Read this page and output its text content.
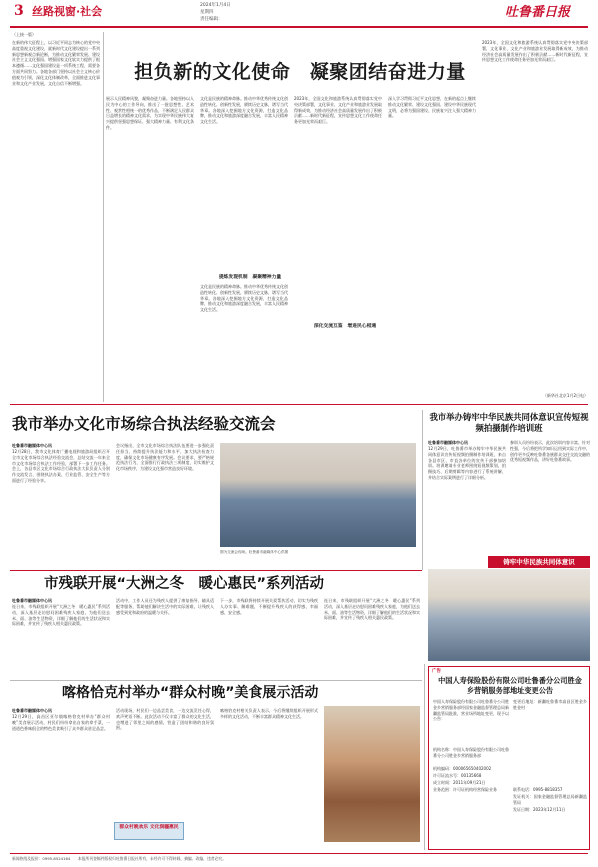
3 丝路视窗·社会	2024年1月4日
星期四
责任编辑：	吐鲁番日报
（上接一版）
担负新的文化使命　凝聚团结奋进力量
在新的伟大征程上，以习近平同志为核心的党中央高度重视文化建设，就新时代文化建设提出一系列新思想新观点新论断，为推动文化繁荣发展、建设社会主义文化强国、增强国家文化软实力提供了根本遵循……文化强国建设是一项系统工程，需要各方面共同努力。各地各部门坚持以社会主义核心价值观为引领，深化文化体制改革，全面推进文化事业和文化产业发展，文化自信不断增强。
展示人民精神风貌，凝聚奋进力量。各地坚持以人民为中心的工作导向，推出了一批思想性、艺术性、观赏性相统一的优秀作品，不断满足人民群众日益增长的精神文化需求，为实现中华民族伟大复兴提供坚强思想保证、强大精神力量、有利文化条件。
提炼发现机制　凝聚精神力量
文化是民族的精神命脉。推动中华优秀传统文化创造性转化、创新性发展，赓续历史文脉，谱写当代华章。各地深入挖掘地方文化资源，打造文化品牌，推动文化和旅游深度融合发展，丰富人民精神文化生活。
文化是民族的精神命脉。推动中华优秀传统文化创造性转化、创新性发展，赓续历史文脉，谱写当代华章。各地深入挖掘地方文化资源，打造文化品牌，推动文化和旅游深度融合发展，丰富人民精神文化生活。
2023年，全国文化和旅游系统认真贯彻落实党中央决策部署，文化事业、文化产业和旅游业发展取得新成效，为推动经济社会高质量发展作出了积极贡献……新时代新征程，宣传思想文化工作使命任务更加光荣而艰巨。
深化交流互鉴　增进民心相通
深入学习贯彻习近平文化思想，在新的起点上继续推动文化繁荣、建设文化强国、建设中华民族现代文明，必将为强国建设、民族复兴注入强大精神力量。
2023年，全国文化和旅游系统认真贯彻落实党中央决策部署，文化事业、文化产业和旅游业发展取得新成效，为推动经济社会高质量发展作出了积极贡献……新时代新征程，宣传思想文化工作使命任务更加光荣而艰巨。
（新华社北京1月2日电）
我市举办文化市场综合执法经验交流会
吐鲁番市融媒体中心讯
12月28日，我市文化体育广播电视和旅游局组织召开全市文化市场综合执法经验交流会，总结交流一年来全市文化市场综合执法工作经验，部署下一步工作任务。会上，各县市区文化市场综合行政执法大队负责人分别作交流发言，围绕执法办案、行业监管、安全生产等方面进行了经验分享。
会议指出，全市文化市场综合执法队伍要进一步强化责任担当，持续提升执法能力和水平，加大执法检查力度，确保文化市场健康有序发展。会议要求，要严格规范执法行为，全面推行行政执法三项制度，切实维护文化市场秩序，为建设文化强市营造良好环境。
图为交流会现场。吐鲁番市融媒体中心供图
我市举办铸牢中华民族共同体意识宣传短视频拍摄制作培训班
吐鲁番市融媒体中心讯
12月29日，吐鲁番市举办铸牢中华民族共同体意识宣传短视频拍摄制作培训班，来自各县市区、市直各单位的宣传干部参加培训。培训邀请专业老师围绕短视频策划、拍摄技巧、后期剪辑等内容进行了系统讲解，并结合实际案例进行了详细分析。
参训人员纷纷表示，此次培训内容丰富、针对性强，今后将把所学知识运用到实际工作中，创作更多反映吐鲁番各族群众交往交流交融的优秀短视频作品，讲好吐鲁番故事。
铸牢中华民族共同体意识
市残联开展“大洲之冬　暖心惠民”系列活动
吐鲁番市融媒体中心讯
连日来，市残联组织开展“大洲之冬　暖心惠民”系列活动，深入基层走访慰问困难残疾人家庭，为他们送去米、面、油等生活物资，详细了解他们的生活状况和实际困难，并宣传了残疾人相关惠民政策。
活动中，工作人员还为残疾人提供了康复指导、辅具适配等服务，帮助他们解决生活中的实际困难，让残疾人感受到党和政府的温暖与关怀。
下一步，市残联将持续开展关爱帮扶活动，切实为残疾人办实事、解难题，不断提升残疾人的获得感、幸福感、安全感。
连日来，市残联组织开展“大洲之冬　暖心惠民”系列活动，深入基层走访慰问困难残疾人家庭，为他们送去米、面、油等生活物资，详细了解他们的生活状况和实际困难，并宣传了残疾人相关惠民政策。
喀格恰克村举办“群众村晚”美食展示活动
吐鲁番市融媒体中心讯
12月29日，高昌区亚尔镇喀格恰克村举办“群众村晚”美食展示活动，村民们纷纷拿出自家的拿手菜，一道道色香味俱全的特色美食吸引了众多群众驻足品尝。
活动现场，村民们一边品尝美食，一边交流烹饪心得，欢声笑语不断。此次活动不仅丰富了群众的文化生活，也增进了邻里之间的感情，营造了团结和谐的良好氛围。
喀格恰克村相关负责人表示，今后将继续组织开展形式多样的文化活动，不断丰富群众精神文化生活。
群众村晚欢乐 文化润疆惠民
广告
中国人寿保险股份有限公司吐鲁番分公司胜金乡营销服务部地址变更公告
中国人寿保险股份有限公司吐鲁番分公司胜金乡营销服务部经国家金融监督管理总局新疆监管局批准，营业场所地址变更，现予以公告：
机构名称：中国人寿保险股份有限公司吐鲁番分公司胜金乡营销服务部
机构编码：000065650402002
许可证流水号：00135668
成立时间：2011年09月21日
业务范围：许可证机构经营保险业务
变更后地址：新疆吐鲁番市高昌区胜金乡胜金村
联系电话：0995-8818357
发证机关：国家金融监督管理总局新疆监管局
发证日期：2023年12月11日
新闻热线及报价：0995-8524164　　本报所刊登稿件版权归吐鲁番日报社所有，未经许可不得转载、摘编、改编，违者必究。
